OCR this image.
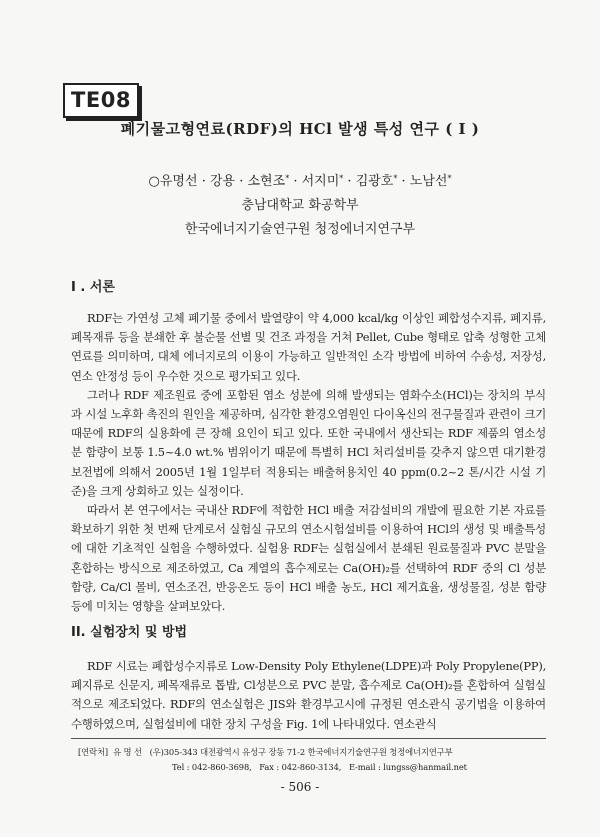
TE08
폐기물고형연료(RDF)의 HCl 발생 특성 연구 ( I )
○유명선 · 강용 · 소현조* · 서지미* · 김광호* · 노남선*
충남대학교 화공학부
한국에너지기술연구원 청정에너지연구부
I . 서론

RDF는 가연성 고체 폐기물 중에서 발열량이 약 4,000 kcal/kg 이상인 폐합성수지류, 폐지류, 폐목재류 등을 분쇄한 후 불순물 선별 및 건조 과정을 거쳐 Pellet, Cube 형태로 압축 성형한 고체 연료를 의미하며, 대체 에너지로의 이용이 가능하고 일반적인 소각 방법에 비하여 수송성, 저장성, 연소 안정성 등이 우수한 것으로 평가되고 있다.

그러나 RDF 제조원료 중에 포함된 염소 성분에 의해 발생되는 염화수소(HCl)는 장치의 부식과 시설 노후화 촉진의 원인을 제공하며, 심각한 환경오염원인 다이옥신의 전구물질과 관련이 크기 때문에 RDF의 실용화에 큰 장해 요인이 되고 있다. 또한 국내에서 생산되는 RDF 제품의 염소성분 함량이 보통 1.5~4.0 wt.% 범위이기 때문에 특별히 HCl 처리설비를 갖추지 않으면 대기환경보전법에 의해서 2005년 1월 1일부터 적용되는 배출허용치인 40 ppm(0.2~2 톤/시간 시설 기준)을 크게 상회하고 있는 실정이다.

따라서 본 연구에서는 국내산 RDF에 적합한 HCl 배출 저감설비의 개발에 필요한 기본 자료를 확보하기 위한 첫 번째 단계로서 실험실 규모의 연소시험설비를 이용하여 HCl의 생성 및 배출특성에 대한 기초적인 실험을 수행하였다. 실험용 RDF는 실험실에서 분쇄된 원료물질과 PVC 분말을 혼합하는 방식으로 제조하였고, Ca 계열의 흡수제로는 Ca(OH)₂를 선택하여 RDF 중의 Cl 성분 함량, Ca/Cl 몰비, 연소조건, 반응온도 등이 HCl 배출 농도, HCl 제거효율, 생성물질, 성분 함량 등에 미치는 영향을 살펴보았다.

II. 실험장치 및 방법

RDF 시료는 폐합성수지류로 Low-Density Poly Ethylene(LDPE)과 Poly Propylene(PP), 폐지류로 신문지, 폐목재류로 톱밥, Cl성분으로 PVC 분말, 흡수제로 Ca(OH)₂를 혼합하여 실험실적으로 제조되었다. RDF의 연소실험은 JIS와 환경부고시에 규정된 연소관식 공기법을 이용하여 수행하였으며, 실험설비에 대한 장치 구성을 Fig. 1에 나타내었다. 연소관식

[연락처] 유 명 선 (우)305-343 대전광역시 유성구 장동 71-2 한국에너지기술연구원 청정에너지연구부
Tel : 042-860-3698, Fax : 042-860-3134, E-mail : lungss@hanmail.net
- 506 -
